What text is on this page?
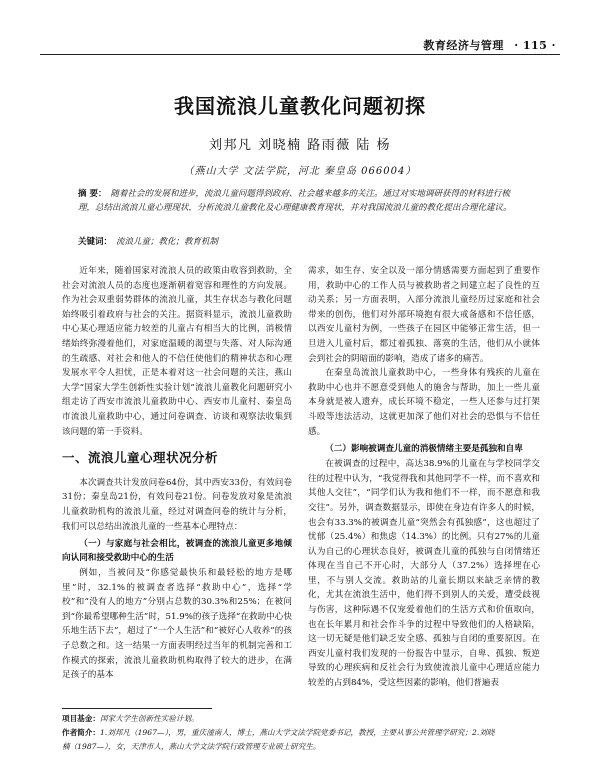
教育经济与管理 · 115 ·
我国流浪儿童教化问题初探
刘邦凡 刘晓楠 路雨薇 陆 杨
（燕山大学 文法学院，河北 秦皇岛 066004）
摘 要： 随着社会的发展和进步，流浪儿童问题得到政府、社会越来越多的关注。通过对实地调研获得的材料进行梳理，总结出流浪儿童心理现状，分析流浪儿童教化及心理健康教育现状，并对我国流浪儿童的教化提出合理化建议。
关键词： 流浪儿童；教化；教育机制

近年来，随着国家对流浪人员的政策由收容到救助，全社会对流浪人员的态度也逐渐朝着宽容和理性的方向发展。作为社会双重弱势群体的流浪儿童，其生存状态与教化问题始终吸引着政府与社会的关注。据资料显示，流浪儿童救助中心某心理适应能力较差的儿童占有相当大的比例，消极情绪始终弥漫着他们，对家庭温暖的渴望与失落、对人际沟通的生疏感、对社会和他人的不信任使他们的精神状态和心理发展水平令人担忧，正是本着对这一社会问题的关注，燕山大学“国家大学生创新性实验计划”流浪儿童教化问题研究小组走访了西安市流浪儿童救助中心、西安市儿童村、秦皇岛市流浪儿童救助中心，通过问卷调查、访谈和观察法收集到该问题的第一手资料。

一、流浪儿童心理状况分析

本次调查共计发放问卷64份，其中西安33份，有效问卷31份；秦皇岛21份，有效问卷21份。问卷发放对象是流浪儿童救助机构的流浪儿童，经过对调查问卷的统计与分析，我们可以总结出流浪儿童的一些基本心理特点：

（一）与家庭与社会相比，被调查的流浪儿童更多地倾向认同和接受救助中心的生活

例如，当被问及“你感觉最快乐和最轻松的地方是哪里”时，32.1%的被调查者选择“救助中心”，选择“学校”和“没有人的地方”分别占总数的30.3%和25%；在被问到“你最希望哪种生活”时，51.9%的孩子选择“在救助中心快乐地生活下去”，超过了“一个人生活”和“被好心人收养”的孩子总数之和。这一结果一方面表明经过当年的机制完善和工作模式的探索，流浪儿童救助机构取得了较大的进步，在满足孩子的基本

需求，如生存、安全以及一部分情感需要方面起到了重要作用，救助中心的工作人员与被救助者之间建立起了良性的互动关系；另一方面表明，入部分流浪儿童经历过家庭和社会带来的创伤，他们对外部环境抱有很大戒备感和不信任感，以西安儿童村为例，一些孩子在园区中能够正常生活，但一旦进入儿童村后，都过着孤独、落寞的生活，他们从小就体会到社会的阴暗面的影响，造成了诸多的痛苦。

在秦皇岛流浪儿童救助中心，一些身体有残疾的儿童在救助中心也并不愿意受到他人的施舍与帮助，加上一些儿童本身就是被人遗弃，成长环境不稳定，一些人还参与过打架斗殴等违法活动，这就更加深了他们对社会的恐惧与不信任感。

（二）影响被调查儿童的消极情绪主要是孤独和自卑

在被调查的过程中，高达38.9%的儿童在与学校同学交往的过程中认为，“我觉得我和其他同学不一样，而不喜欢和其他人交往”，“同学们认为我和他们不一样，而不愿意和我交往”。另外，调查数据显示，即使在身边有许多人的时候，也会有33.3%的被调查儿童“突然会有孤独感”，这也超过了忧郁（25.4%）和焦虑（14.3%）的比例。只有27%的儿童认为自己的心理状态良好，被调查儿童的孤独与自闭情绪还体现在当自己不开心时，大部分人（37.2%）选择埋在心里，不与别人交流。救助站的儿童长期以来缺乏亲情的教化，尤其在流浪生活中，他们得不到别人的关爱，遭受歧视与伤害，这种际遇不仅宠爱着他们的生活方式和价值取向，也在长年累月和社会作斗争的过程中导致他们的人格缺陷，这一切无疑是他们缺乏安全感、孤独与自闭的重要原因。在西安儿童村我们发现的一份报告中显示，自卑、孤独、叛逆导致的心理疾病和反社会行为致使流浪儿童中心理适应能力较差的占到84%，受这些因素的影响，他们普遍表

项目基金：国家大学生创新性实验计划。
作者简介：1.刘邦凡（1967—），男，重庆潼南人，博士，燕山大学文法学院党委书记，教授，主要从事公共管理学研究；2.刘晓
楠（1987—），女，天津市人，燕山大学文法学院行政管理专业硕士研究生。
